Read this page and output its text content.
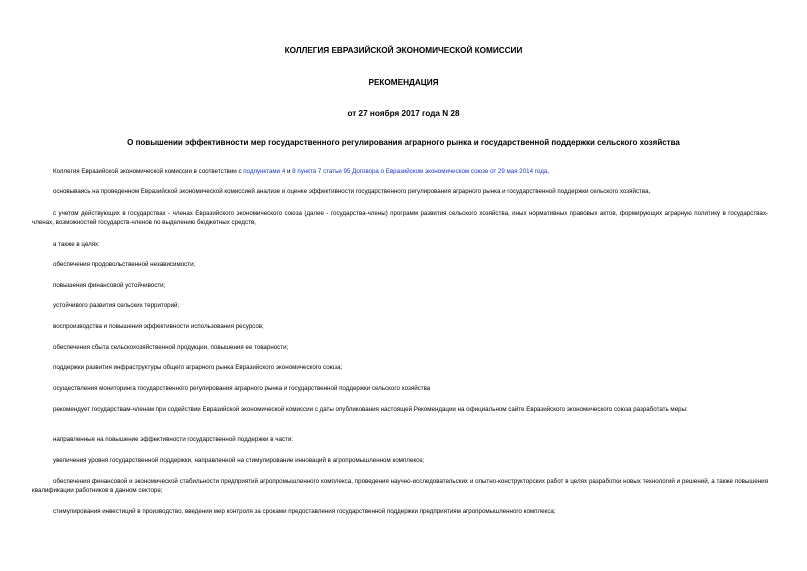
КОЛЛЕГИЯ ЕВРАЗИЙСКОЙ ЭКОНОМИЧЕСКОЙ КОМИССИИ
РЕКОМЕНДАЦИЯ
от 27 ноября 2017 года N 28
О повышении эффективности мер государственного регулирования аграрного рынка и государственной поддержки сельского хозяйства
Коллегия Евразийской экономической комиссии в соответствии с подпунктами 4 и 8 пункта 7 статьи 95 Договора о Евразийском экономическом союзе от 29 мая 2014 года,
основываясь на проведенном Евразийской экономической комиссией анализе и оценке эффективности государственного регулирования аграрного рынка и государственной поддержки сельского хозяйства,
с учетом действующих в государствах - членах Евразийского экономического союза (далее - государства-члены) программ развития сельского хозяйства, иных нормативных правовых актов, формирующих аграрную политику в государствах-членах, возможностей государств-членов по выделению бюджетных средств,
а также в целях:
обеспечения продовольственной независимости;
повышения финансовой устойчивости;
устойчивого развития сельских территорий;
воспроизводства и повышения эффективности использования ресурсов;
обеспечения сбыта сельскохозяйственной продукции, повышения ее товарности;
поддержки развития инфраструктуры общего аграрного рынка Евразийского экономического союза;
осуществления мониторинга государственного регулирования аграрного рынка и государственной поддержки сельского хозяйства
рекомендует государствам-членам при содействии Евразийской экономической комиссии с даты опубликования настоящей Рекомендации на официальном сайте Евразийского экономического союза разработать меры:
направленные на повышение эффективности государственной поддержки в части:
увеличения уровня государственной поддержки, направленной на стимулирование инноваций в агропромышленном комплексе;
обеспечения финансовой и экономической стабильности предприятий агропромышленного комплекса, проведения научно-исследовательских и опытно-конструкторских работ в целях разработки новых технологий и решений, а также повышения квалификации работников в данном секторе;
стимулирования инвестиций в производство, введения мер контроля за сроками предоставления государственной поддержки предприятиям агропромышленного комплекса;
